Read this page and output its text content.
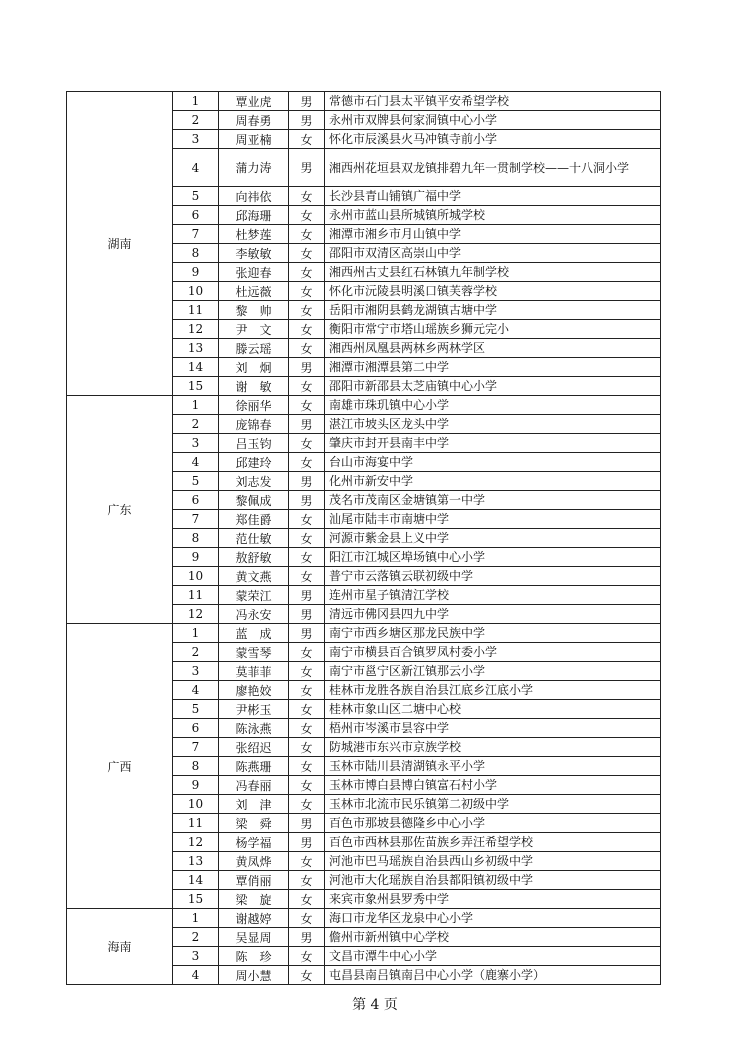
湖南	1	覃业虎	男	常德市石门县太平镇平安希望学校
	2	周春勇	男	永州市双牌县何家洞镇中心小学
	3	周亚楠	女	怀化市辰溪县火马冲镇寺前小学
	4	蒲力涛	男	湘西州花垣县双龙镇排碧九年一贯制学校——十八洞小学
	5	向祎依	女	长沙县青山铺镇广福中学
	6	邱海珊	女	永州市蓝山县所城镇所城学校
	7	杜梦莲	女	湘潭市湘乡市月山镇中学
	8	李敏敏	女	邵阳市双清区高崇山中学
	9	张迎春	女	湘西州古丈县红石林镇九年制学校
	10	杜远薇	女	怀化市沅陵县明溪口镇芙蓉学校
	11	黎　帅	女	岳阳市湘阴县鹤龙湖镇古塘中学
	12	尹　文	女	衡阳市常宁市塔山瑶族乡狮元完小
	13	滕云瑶	女	湘西州凤凰县两林乡两林学区
	14	刘　炯	男	湘潭市湘潭县第二中学
	15	谢　敏	女	邵阳市新邵县太芝庙镇中心小学
广东	1	徐丽华	女	南雄市珠玑镇中心小学
	2	庞锦春	男	湛江市坡头区龙头中学
	3	吕玉钧	女	肇庆市封开县南丰中学
	4	邱建玲	女	台山市海宴中学
	5	刘志发	男	化州市新安中学
	6	黎佩成	男	茂名市茂南区金塘镇第一中学
	7	郑佳爵	女	汕尾市陆丰市南塘中学
	8	范仕敏	女	河源市紫金县上义中学
	9	敖舒敏	女	阳江市江城区埠场镇中心小学
	10	黄文燕	女	普宁市云落镇云联初级中学
	11	蒙荣江	男	连州市星子镇清江学校
	12	冯永安	男	清远市佛冈县四九中学
广西	1	蓝　成	男	南宁市西乡塘区那龙民族中学
	2	蒙雪琴	女	南宁市横县百合镇罗凤村委小学
	3	莫菲菲	女	南宁市邕宁区新江镇那云小学
	4	廖艳姣	女	桂林市龙胜各族自治县江底乡江底小学
	5	尹彬玉	女	桂林市象山区二塘中心校
	6	陈泳燕	女	梧州市岑溪市昙容中学
	7	张绍迟	女	防城港市东兴市京族学校
	8	陈燕珊	女	玉林市陆川县清湖镇永平小学
	9	冯春丽	女	玉林市博白县博白镇富石村小学
	10	刘　津	女	玉林市北流市民乐镇第二初级中学
	11	梁　舜	男	百色市那坡县德隆乡中心小学
	12	杨学福	男	百色市西林县那佐苗族乡弄汪希望学校
	13	黄凤烨	女	河池市巴马瑶族自治县西山乡初级中学
	14	覃俏丽	女	河池市大化瑶族自治县都阳镇初级中学
	15	梁　旋	女	来宾市象州县罗秀中学
海南	1	谢越婷	女	海口市龙华区龙泉中心小学
	2	吴显周	男	儋州市新州镇中心学校
	3	陈　珍	女	文昌市潭牛中心小学
	4	周小慧	女	屯昌县南吕镇南吕中心小学（鹿寨小学）
第 4 页
